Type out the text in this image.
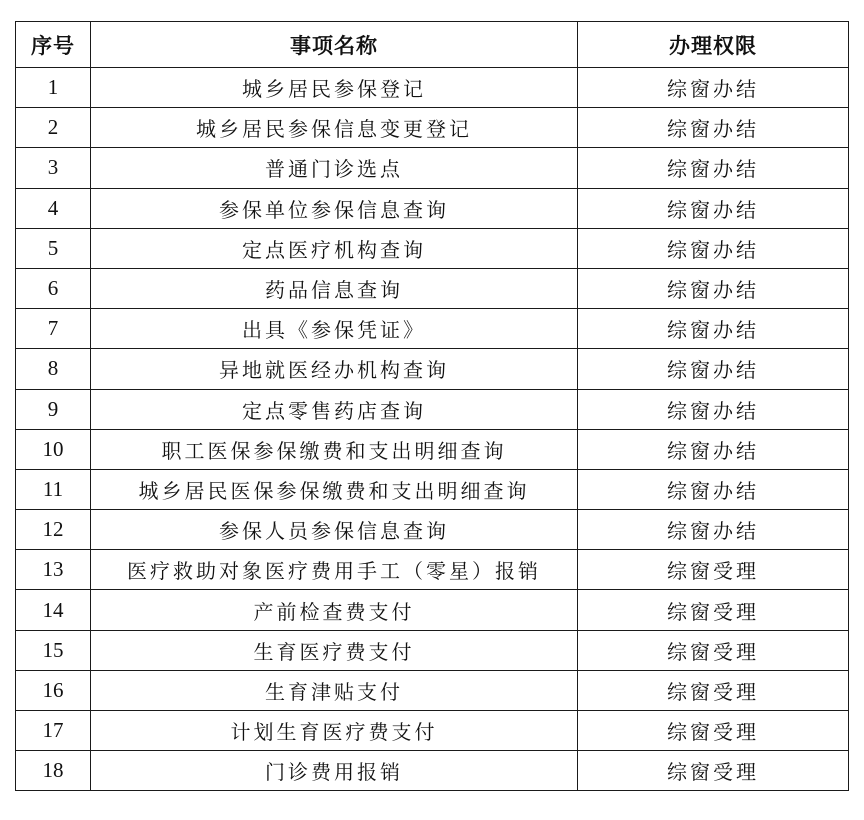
序号	事项名称	办理权限
1	城乡居民参保登记	综窗办结
2	城乡居民参保信息变更登记	综窗办结
3	普通门诊选点	综窗办结
4	参保单位参保信息查询	综窗办结
5	定点医疗机构查询	综窗办结
6	药品信息查询	综窗办结
7	出具《参保凭证》	综窗办结
8	异地就医经办机构查询	综窗办结
9	定点零售药店查询	综窗办结
10	职工医保参保缴费和支出明细查询	综窗办结
11	城乡居民医保参保缴费和支出明细查询	综窗办结
12	参保人员参保信息查询	综窗办结
13	医疗救助对象医疗费用手工（零星）报销	综窗受理
14	产前检查费支付	综窗受理
15	生育医疗费支付	综窗受理
16	生育津贴支付	综窗受理
17	计划生育医疗费支付	综窗受理
18	门诊费用报销	综窗受理
